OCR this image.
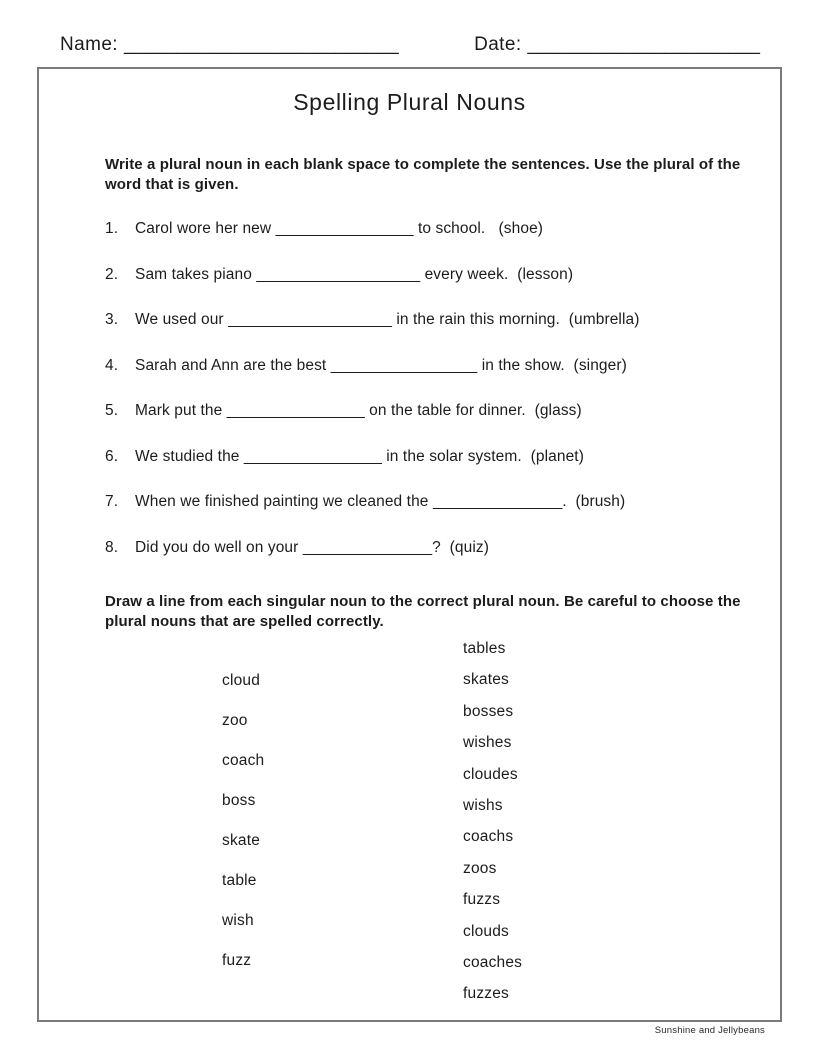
Name: __________________________	Date: ______________________
Spelling Plural Nouns
Write a plural noun in each blank space to complete the sentences. Use the plural of the word that is given.
1.	Carol wore her new ________________ to school.   (shoe)
2.	Sam takes piano ___________________ every week.  (lesson)
3.	We used our ___________________ in the rain this morning.  (umbrella)
4.	Sarah and Ann are the best _________________ in the show.  (singer)
5.	Mark put the ________________ on the table for dinner.  (glass)
6.	We studied the ________________ in the solar system.  (planet)
7.	When we finished painting we cleaned the _______________ .  (brush)
8.	Did you do well on your _______________ ?  (quiz)
Draw a line from each singular noun to the correct plural noun. Be careful to choose the plural nouns that are spelled correctly.
cloud
zoo
coach
boss
skate
table
wish
fuzz
tables
skates
bosses
wishes
cloudes
wishs
coachs
zoos
fuzzs
clouds
coaches
fuzzes
Sunshine and Jellybeans
